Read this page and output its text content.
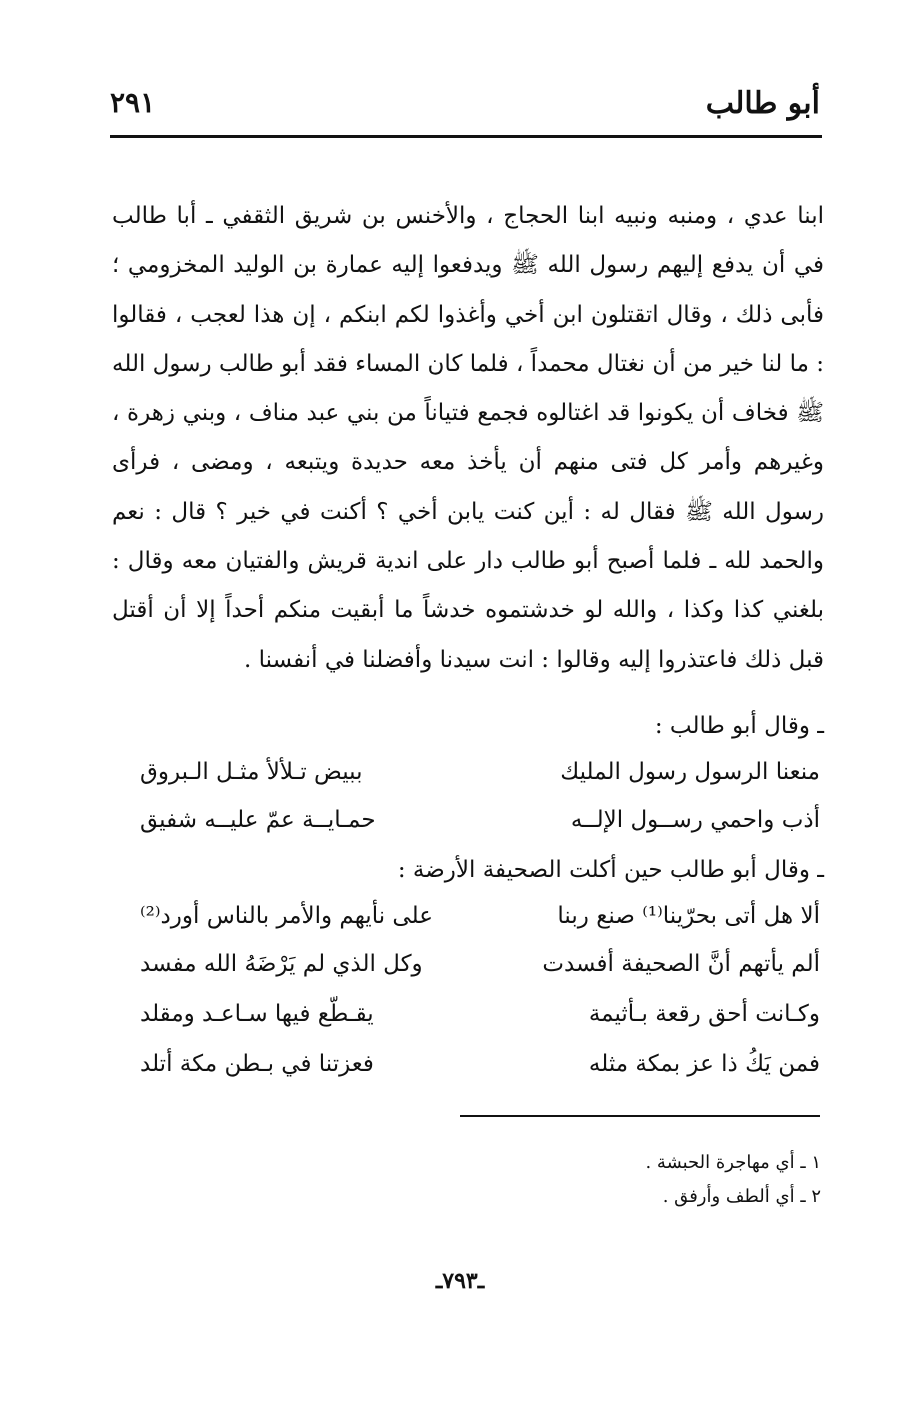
أبو طالب
٢٩١

ابنا عدي ، ومنبه ونبيه ابنا الحجاج ، والأخنس بن شريق الثقفي ـ أبا طالب في أن يدفع إليهم رسول الله ﷺ ويدفعوا إليه عمارة بن الوليد المخزومي ؛ فأبى ذلك ، وقال اتقتلون ابن أخي وأغذوا لكم ابنكم ، إن هذا لعجب ، فقالوا : ما لنا خير من أن نغتال محمداً ، فلما كان المساء فقد أبو طالب رسول الله ﷺ فخاف أن يكونوا قد اغتالوه فجمع فتياناً من بني عبد مناف ، وبني زهرة ، وغيرهم وأمر كل فتى منهم أن يأخذ معه حديدة ويتبعه ، ومضى ، فرأى رسول الله ﷺ فقال له : أين كنت يابن أخي ؟ أكنت في خير ؟ قال : نعم والحمد لله ـ فلما أصبح أبو طالب دار على اندية قريش والفتيان معه وقال : بلغني كذا وكذا ، والله لو خدشتموه خدشاً ما أبقيت منكم أحداً إلا أن أقتل قبل ذلك فاعتذروا إليه وقالوا : انت سيدنا وأفضلنا في أنفسنا .

ـ وقال أبو طالب :
منعنا الرسول رسول المليك
ببيض تـلألأ مثـل الـبروق
أذب واحمي رســول الإلــه
حمـايــة عمّ عليــه شفيق
ـ وقال أبو طالب حين أكلت الصحيفة الأرضة :
ألا هل أتى بحرّينا⁽¹⁾ صنع ربنا
على نأيهم والأمر بالناس أورد⁽²⁾
ألم يأتهم أنَّ الصحيفة أفسدت
وكل الذي لم يَرْضَهُ الله مفسد
وكـانت أحق رقعة بـأثيمة
يقـطّع فيها سـاعـد ومقلد
فمن يَكُ ذا عز بمكة مثله
فعزتنا في بـطن مكة أتلد
١ ـ أي مهاجرة الحبشة .
٢ ـ أي ألطف وأرفق .
ـ٧٩٣ـ
